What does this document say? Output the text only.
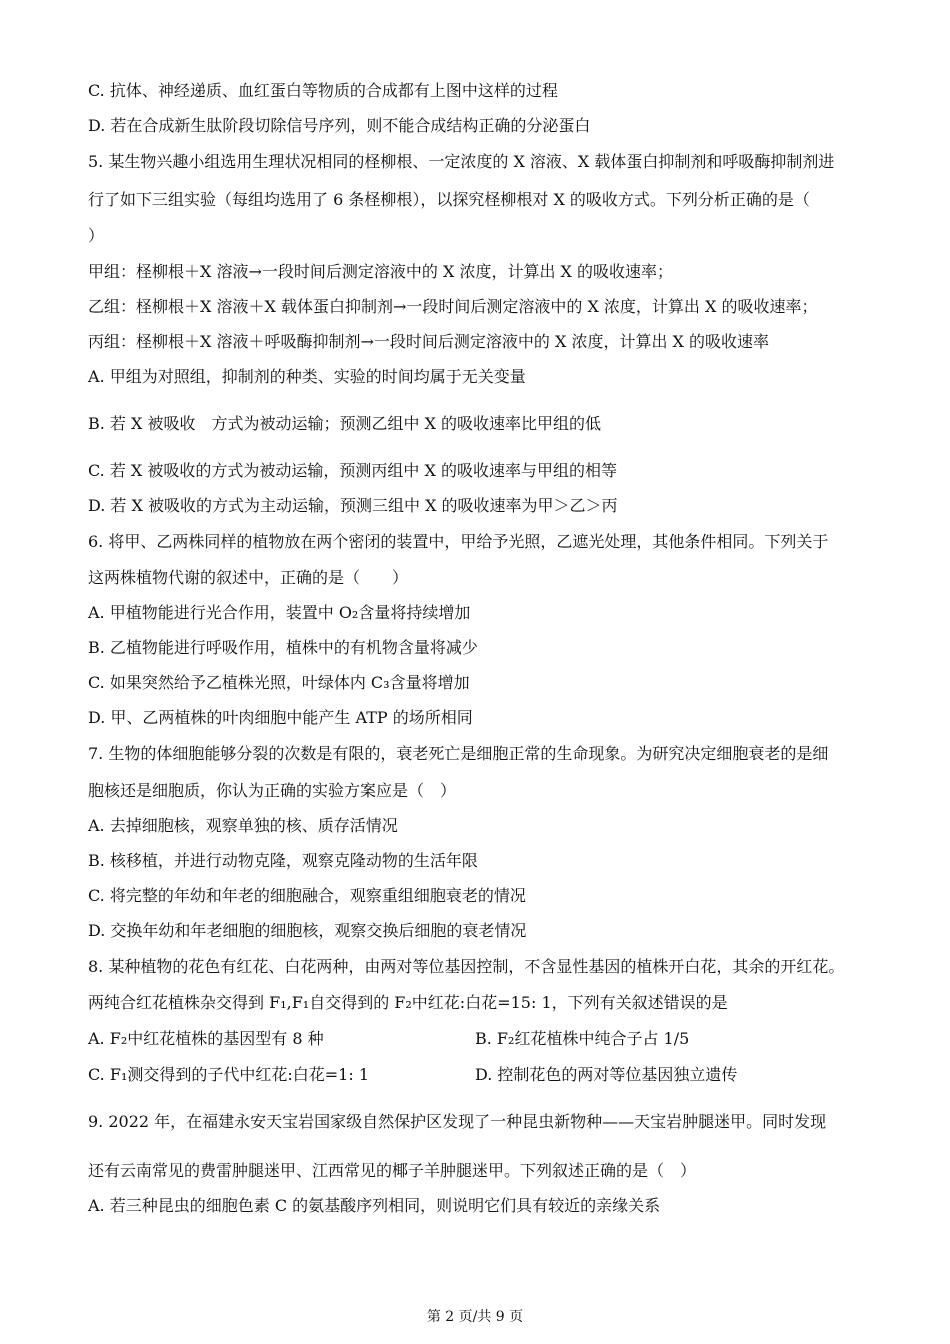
C. 抗体、神经递质、血红蛋白等物质的合成都有上图中这样的过程
D. 若在合成新生肽阶段切除信号序列，则不能合成结构正确的分泌蛋白
5. 某生物兴趣小组选用生理状况相同的柽柳根、一定浓度的 X 溶液、X 载体蛋白抑制剂和呼吸酶抑制剂进
行了如下三组实验（每组均选用了 6 条柽柳根），以探究柽柳根对 X 的吸收方式。下列分析正确的是（
）
甲组：柽柳根＋X 溶液→一段时间后测定溶液中的 X 浓度，计算出 X 的吸收速率；
乙组：柽柳根＋X 溶液＋X 载体蛋白抑制剂→一段时间后测定溶液中的 X 浓度，计算出 X 的吸收速率；
丙组：柽柳根＋X 溶液＋呼吸酶抑制剂→一段时间后测定溶液中的 X 浓度，计算出 X 的吸收速率
A. 甲组为对照组，抑制剂的种类、实验的时间均属于无关变量
B. 若 X 被吸收　方式为被动运输；预测乙组中 X 的吸收速率比甲组的低
C. 若 X 被吸收的方式为被动运输，预测丙组中 X 的吸收速率与甲组的相等
D. 若 X 被吸收的方式为主动运输，预测三组中 X 的吸收速率为甲＞乙＞丙
6. 将甲、乙两株同样的植物放在两个密闭的装置中，甲给予光照，乙遮光处理，其他条件相同。下列关于
这两株植物代谢的叙述中，正确的是（　　）
A. 甲植物能进行光合作用，装置中 O₂含量将持续增加
B. 乙植物能进行呼吸作用，植株中的有机物含量将减少
C. 如果突然给予乙植株光照，叶绿体内 C₃含量将增加
D. 甲、乙两植株的叶肉细胞中能产生 ATP 的场所相同
7. 生物的体细胞能够分裂的次数是有限的，衰老死亡是细胞正常的生命现象。为研究决定细胞衰老的是细
胞核还是细胞质，你认为正确的实验方案应是（　）
A. 去掉细胞核，观察单独的核、质存活情况
B. 核移植，并进行动物克隆，观察克隆动物的生活年限
C. 将完整的年幼和年老的细胞融合，观察重组细胞衰老的情况
D. 交换年幼和年老细胞的细胞核，观察交换后细胞的衰老情况
8. 某种植物的花色有红花、白花两种，由两对等位基因控制，不含显性基因的植株开白花，其余的开红花。
两纯合红花植株杂交得到 F₁,F₁自交得到的 F₂中红花:白花=15: 1，下列有关叙述错误的是
A. F₂中红花植株的基因型有 8 种	B. F₂红花植株中纯合子占 1/5
C. F₁测交得到的子代中红花:白花=1: 1	D. 控制花色的两对等位基因独立遗传
9. 2022 年，在福建永安天宝岩国家级自然保护区发现了一种昆虫新物种——天宝岩肿腿迷甲。同时发现
还有云南常见的费雷肿腿迷甲、江西常见的椰子羊肿腿迷甲。下列叙述正确的是（　）
A. 若三种昆虫的细胞色素 C 的氨基酸序列相同，则说明它们具有较近的亲缘关系
第 2 页/共 9 页
